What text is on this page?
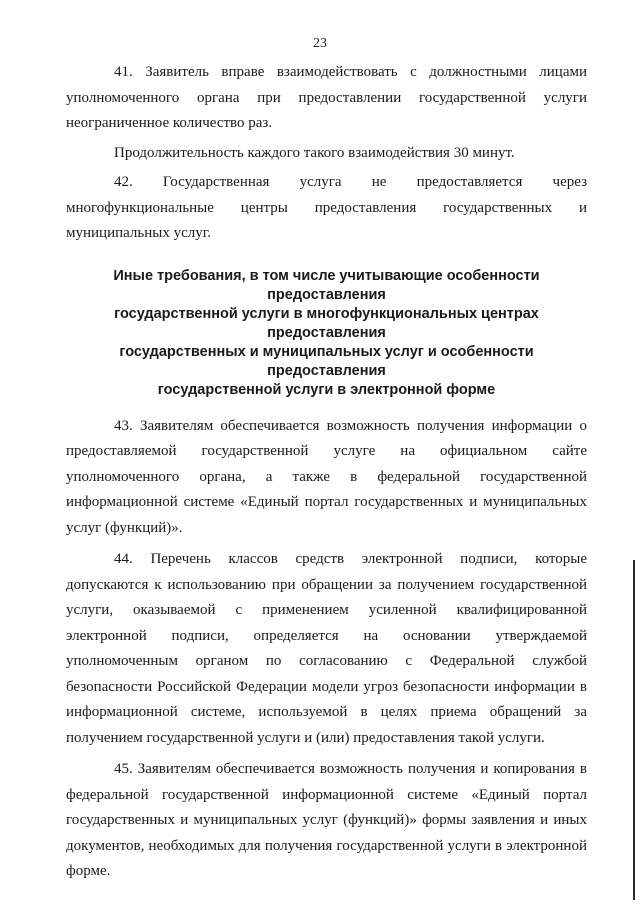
23

41. Заявитель вправе взаимодействовать с должностными лицами уполномоченного органа при предоставлении государственной услуги неограниченное количество раз.

Продолжительность каждого такого взаимодействия 30 минут.

42. Государственная услуга не предоставляется через многофункциональные центры предоставления государственных и муниципальных услуг.

Иные требования, в том числе учитывающие особенности предоставления
государственной услуги в многофункциональных центрах предоставления
государственных и муниципальных услуг и особенности предоставления
государственной услуги в электронной форме

43. Заявителям обеспечивается возможность получения информации о предоставляемой государственной услуге на официальном сайте уполномоченного органа, а также в федеральной государственной информационной системе «Единый портал государственных и муниципальных услуг (функций)».

44. Перечень классов средств электронной подписи, которые допускаются к использованию при обращении за получением государственной услуги, оказываемой с применением усиленной квалифицированной электронной подписи, определяется на основании утверждаемой уполномоченным органом по согласованию с Федеральной службой безопасности Российской Федерации модели угроз безопасности информации в информационной системе, используемой в целях приема обращений за получением государственной услуги и (или) предоставления такой услуги.

45. Заявителям обеспечивается возможность получения и копирования в федеральной государственной информационной системе «Единый портал государственных и муниципальных услуг (функций)» формы заявления и иных документов, необходимых для получения государственной услуги в электронной форме.
